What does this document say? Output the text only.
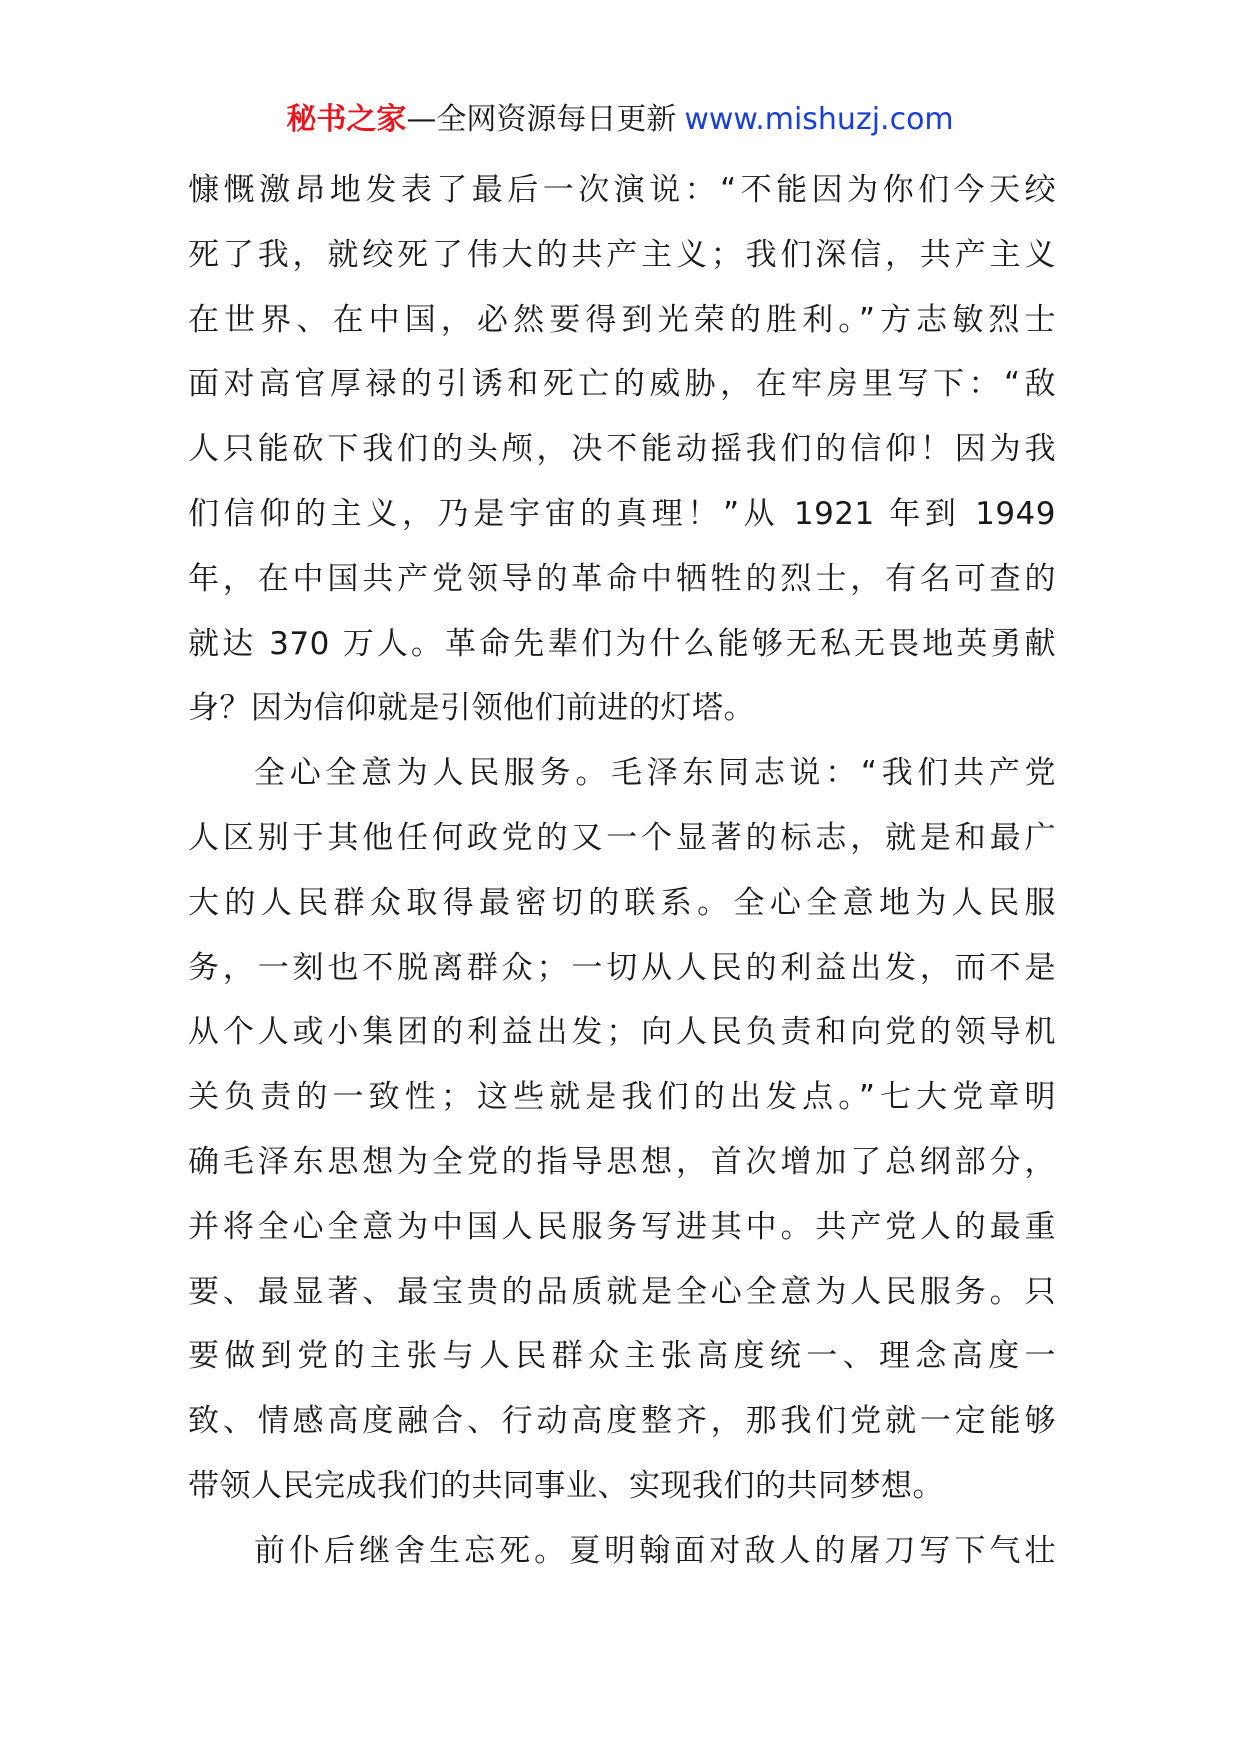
秘书之家—全网资源每日更新 www.mishuzj.com
慷慨激昂地发表了最后一次演说：“不能因为你们今天绞
死了我，就绞死了伟大的共产主义；我们深信，共产主义
在世界、在中国，必然要得到光荣的胜利。”方志敏烈士
面对高官厚禄的引诱和死亡的威胁，在牢房里写下：“敌
人只能砍下我们的头颅，决不能动摇我们的信仰！因为我
们信仰的主义，乃是宇宙的真理！”从 1921 年到 1949
年，在中国共产党领导的革命中牺牲的烈士，有名可查的
就达 370 万人。革命先辈们为什么能够无私无畏地英勇献
身？因为信仰就是引领他们前进的灯塔。
全心全意为人民服务。毛泽东同志说：“我们共产党
人区别于其他任何政党的又一个显著的标志，就是和最广
大的人民群众取得最密切的联系。全心全意地为人民服
务，一刻也不脱离群众；一切从人民的利益出发，而不是
从个人或小集团的利益出发；向人民负责和向党的领导机
关负责的一致性；这些就是我们的出发点。”七大党章明
确毛泽东思想为全党的指导思想，首次增加了总纲部分，
并将全心全意为中国人民服务写进其中。共产党人的最重
要、最显著、最宝贵的品质就是全心全意为人民服务。只
要做到党的主张与人民群众主张高度统一、理念高度一
致、情感高度融合、行动高度整齐，那我们党就一定能够
带领人民完成我们的共同事业、实现我们的共同梦想。
前仆后继舍生忘死。夏明翰面对敌人的屠刀写下气壮
